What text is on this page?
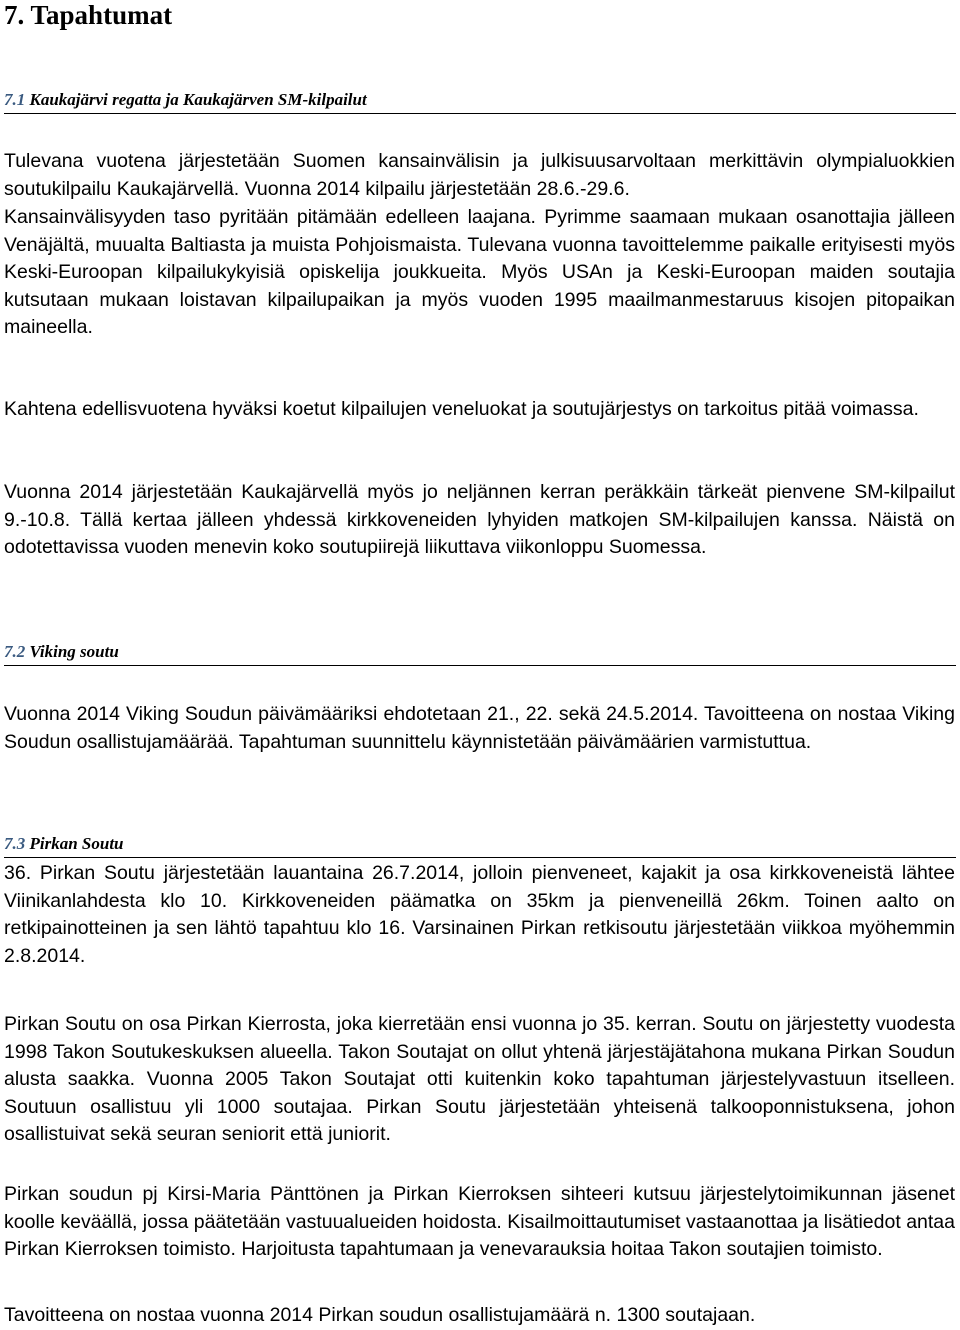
7. Tapahtumat
7.1 Kaukajärvi regatta ja Kaukajärven SM-kilpailut

Tulevana vuotena järjestetään Suomen kansainvälisin ja julkisuusarvoltaan merkittävin olympialuokkien soutukilpailu Kaukajärvellä. Vuonna 2014 kilpailu järjestetään 28.6.-29.6.

Kansainvälisyyden taso pyritään pitämään edelleen laajana. Pyrimme saamaan mukaan osanottajia jälleen Venäjältä, muualta Baltiasta ja muista Pohjoismaista. Tulevana vuonna tavoittelemme paikalle erityisesti myös Keski-Euroopan kilpailukykyisiä opiskelija joukkueita. Myös USAn ja Keski-Euroopan maiden soutajia kutsutaan mukaan loistavan kilpailupaikan ja myös vuoden 1995 maailmanmestaruus kisojen pitopaikan maineella.

Kahtena edellisvuotena hyväksi koetut kilpailujen veneluokat ja soutujärjestys on tarkoitus pitää voimassa.

Vuonna 2014 järjestetään Kaukajärvellä myös jo neljännen kerran peräkkäin tärkeät pienvene SM-kilpailut 9.-10.8. Tällä kertaa jälleen yhdessä kirkkoveneiden lyhyiden matkojen SM-kilpailujen kanssa. Näistä on odotettavissa vuoden menevin koko soutupiirejä liikuttava viikonloppu Suomessa.

7.2 Viking soutu

Vuonna 2014 Viking Soudun päivämääriksi ehdotetaan 21., 22. sekä 24.5.2014. Tavoitteena on nostaa Viking Soudun osallistujamäärää. Tapahtuman suunnittelu käynnistetään päivämäärien varmistuttua.

7.3 Pirkan Soutu

36. Pirkan Soutu järjestetään lauantaina 26.7.2014, jolloin pienveneet, kajakit ja osa kirkkoveneistä lähtee Viinikanlahdesta klo 10. Kirkkoveneiden päämatka on 35km ja pienveneillä 26km. Toinen aalto on retkipainotteinen ja sen lähtö tapahtuu klo 16. Varsinainen Pirkan retkisoutu järjestetään viikkoa myöhemmin 2.8.2014.

Pirkan Soutu on osa Pirkan Kierrosta, joka kierretään ensi vuonna jo 35. kerran. Soutu on järjestetty vuodesta 1998 Takon Soutukeskuksen alueella. Takon Soutajat on ollut yhtenä järjestäjätahona mukana Pirkan Soudun alusta saakka. Vuonna 2005 Takon Soutajat otti kuitenkin koko tapahtuman järjestelyvastuun itselleen. Soutuun osallistuu yli 1000 soutajaa. Pirkan Soutu järjestetään yhteisenä talkooponnistuksena, johon osallistuivat sekä seuran seniorit että juniorit.

Pirkan soudun pj Kirsi-Maria Pänttönen ja Pirkan Kierroksen sihteeri kutsuu järjestelytoimikunnan jäsenet koolle keväällä, jossa päätetään vastuualueiden hoidosta. Kisailmoittautumiset vastaanottaa ja lisätiedot antaa Pirkan Kierroksen toimisto. Harjoitusta tapahtumaan ja venevarauksia hoitaa Takon soutajien toimisto.

Tavoitteena on nostaa vuonna 2014 Pirkan soudun osallistujamäärä n. 1300 soutajaan.
